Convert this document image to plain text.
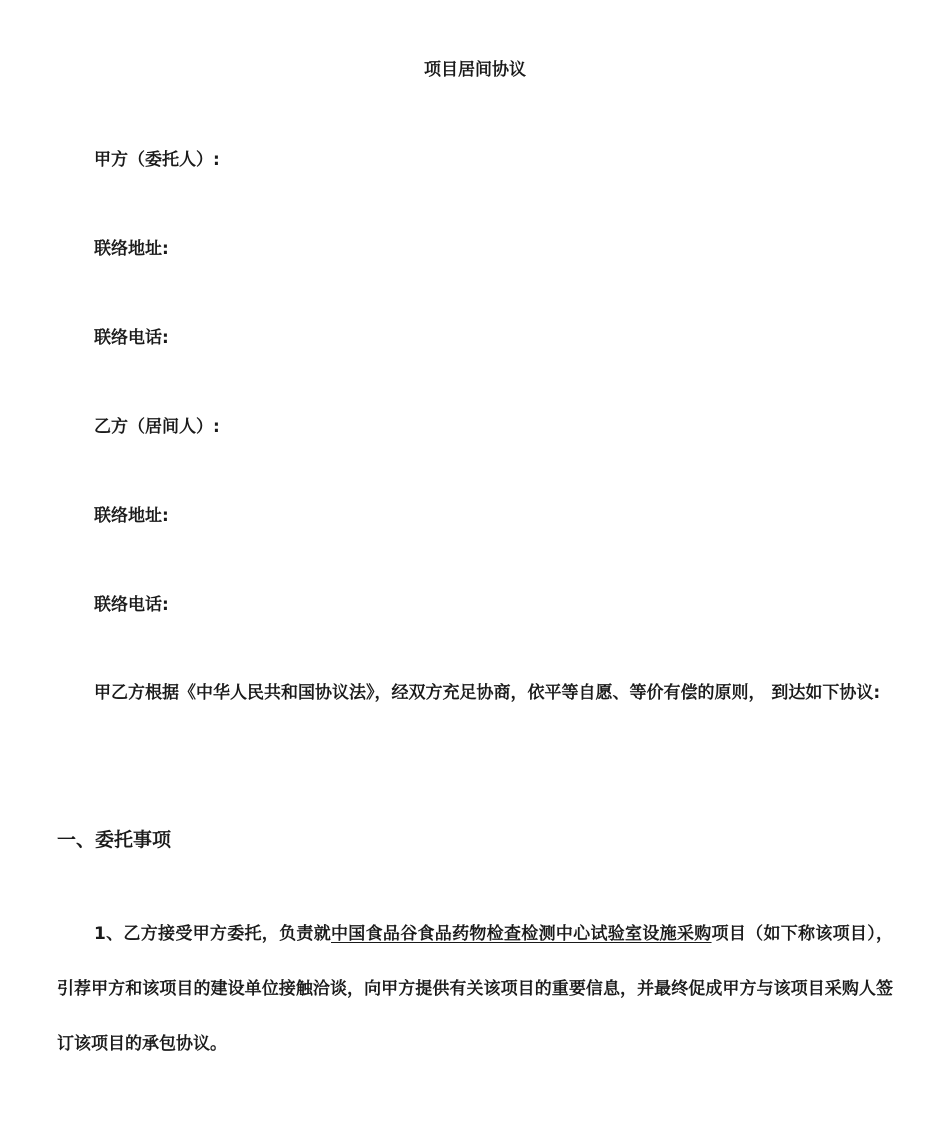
项目居间协议
甲方（委托人）:
联络地址:
联络电话:
乙方（居间人）:
联络地址:
联络电话:
甲乙方根据《中华人民共和国协议法》，经双方充足协商，依平等自愿、等价有偿的原则， 到达如下协议:
一、委托事项
1、乙方接受甲方委托，负责就中国食品谷食品药物检查检测中心试验室设施采购项目（如下称该项目），引荐甲方和该项目的建设单位接触洽谈，向甲方提供有关该项目的重要信息，并最终促成甲方与该项目采购人签订该项目的承包协议。
